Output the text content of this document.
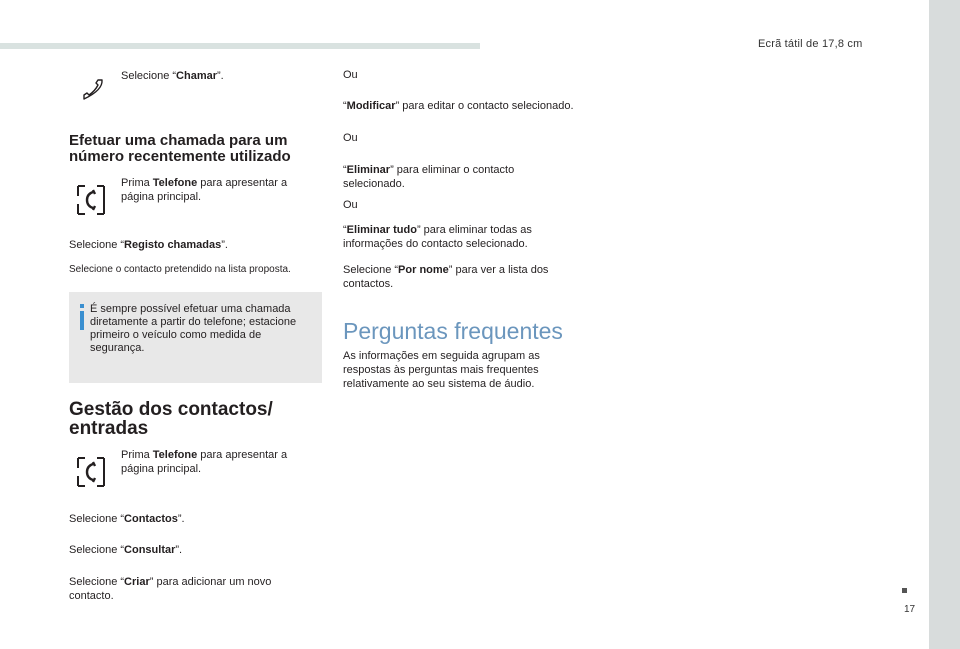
Ecrã tátil de 17,8 cm
17

Selecione “Chamar”.

Efetuar uma chamada para um
número recentemente utilizado

Prima Telefone para apresentar a

página principal.

Selecione “Registo chamadas”.

Selecione o contacto pretendido na lista proposta.

É sempre possível efetuar uma chamada

diretamente a partir do telefone; estacione

primeiro o veículo como medida de

segurança.

Gestão dos contactos/
entradas

Prima Telefone para apresentar a

página principal.

Selecione “Contactos”.

Selecione “Consultar”.

Selecione “Criar” para adicionar um novo

contacto.

Ou

“Modificar” para editar o contacto selecionado.

Ou

“Eliminar” para eliminar o contacto

selecionado.

Ou

“Eliminar tudo” para eliminar todas as

informações do contacto selecionado.

Selecione “Por nome” para ver a lista dos

contactos.

Perguntas frequentes

As informações em seguida agrupam as

respostas às perguntas mais frequentes

relativamente ao seu sistema de áudio.
